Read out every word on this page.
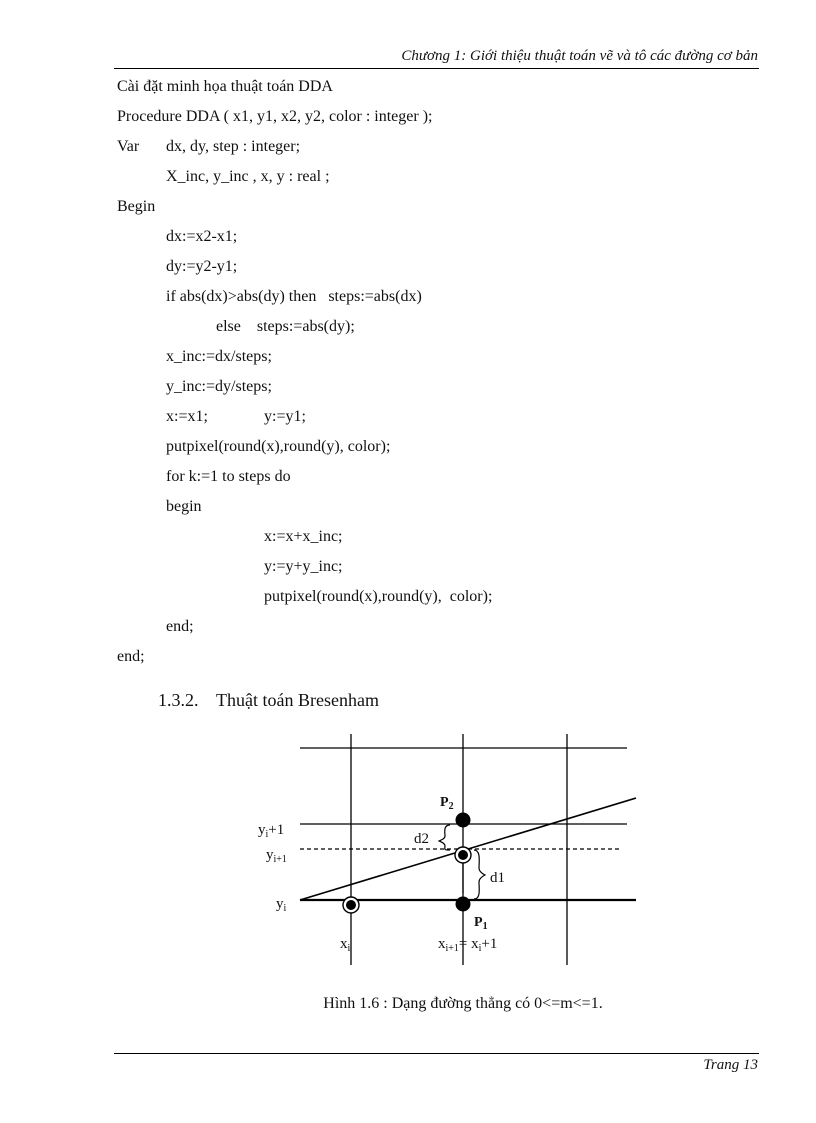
Chương 1: Giới thiệu thuật toán vẽ và tô các đường cơ bản
Cài đặt minh họa thuật toán DDA
Procedure DDA ( x1, y1, x2, y2, color : integer );
Var dx, dy, step : integer;
X_inc, y_inc , x, y : real ;
Begin
dx:=x2-x1;
dy:=y2-y1;
if abs(dx)>abs(dy) then   steps:=abs(dx)
else    steps:=abs(dy);
x_inc:=dx/steps;
y_inc:=dy/steps;
x:=x1;	y:=y1;
putpixel(round(x),round(y), color);
for k:=1 to steps do
begin
x:=x+x_inc;
y:=y+y_inc;
putpixel(round(x),round(y),  color);
end;
end;
1.3.2. Thuật toán Bresenham
$P_2$
$P_1$
$y_i+1$
$y_{i+1}$
$y_i$
$x_i$	$x_{i+1}= x_i+1$
d1
d2
Hình 1.6 : Dạng đường thẳng có 0<=m<=1.
Trang 13
